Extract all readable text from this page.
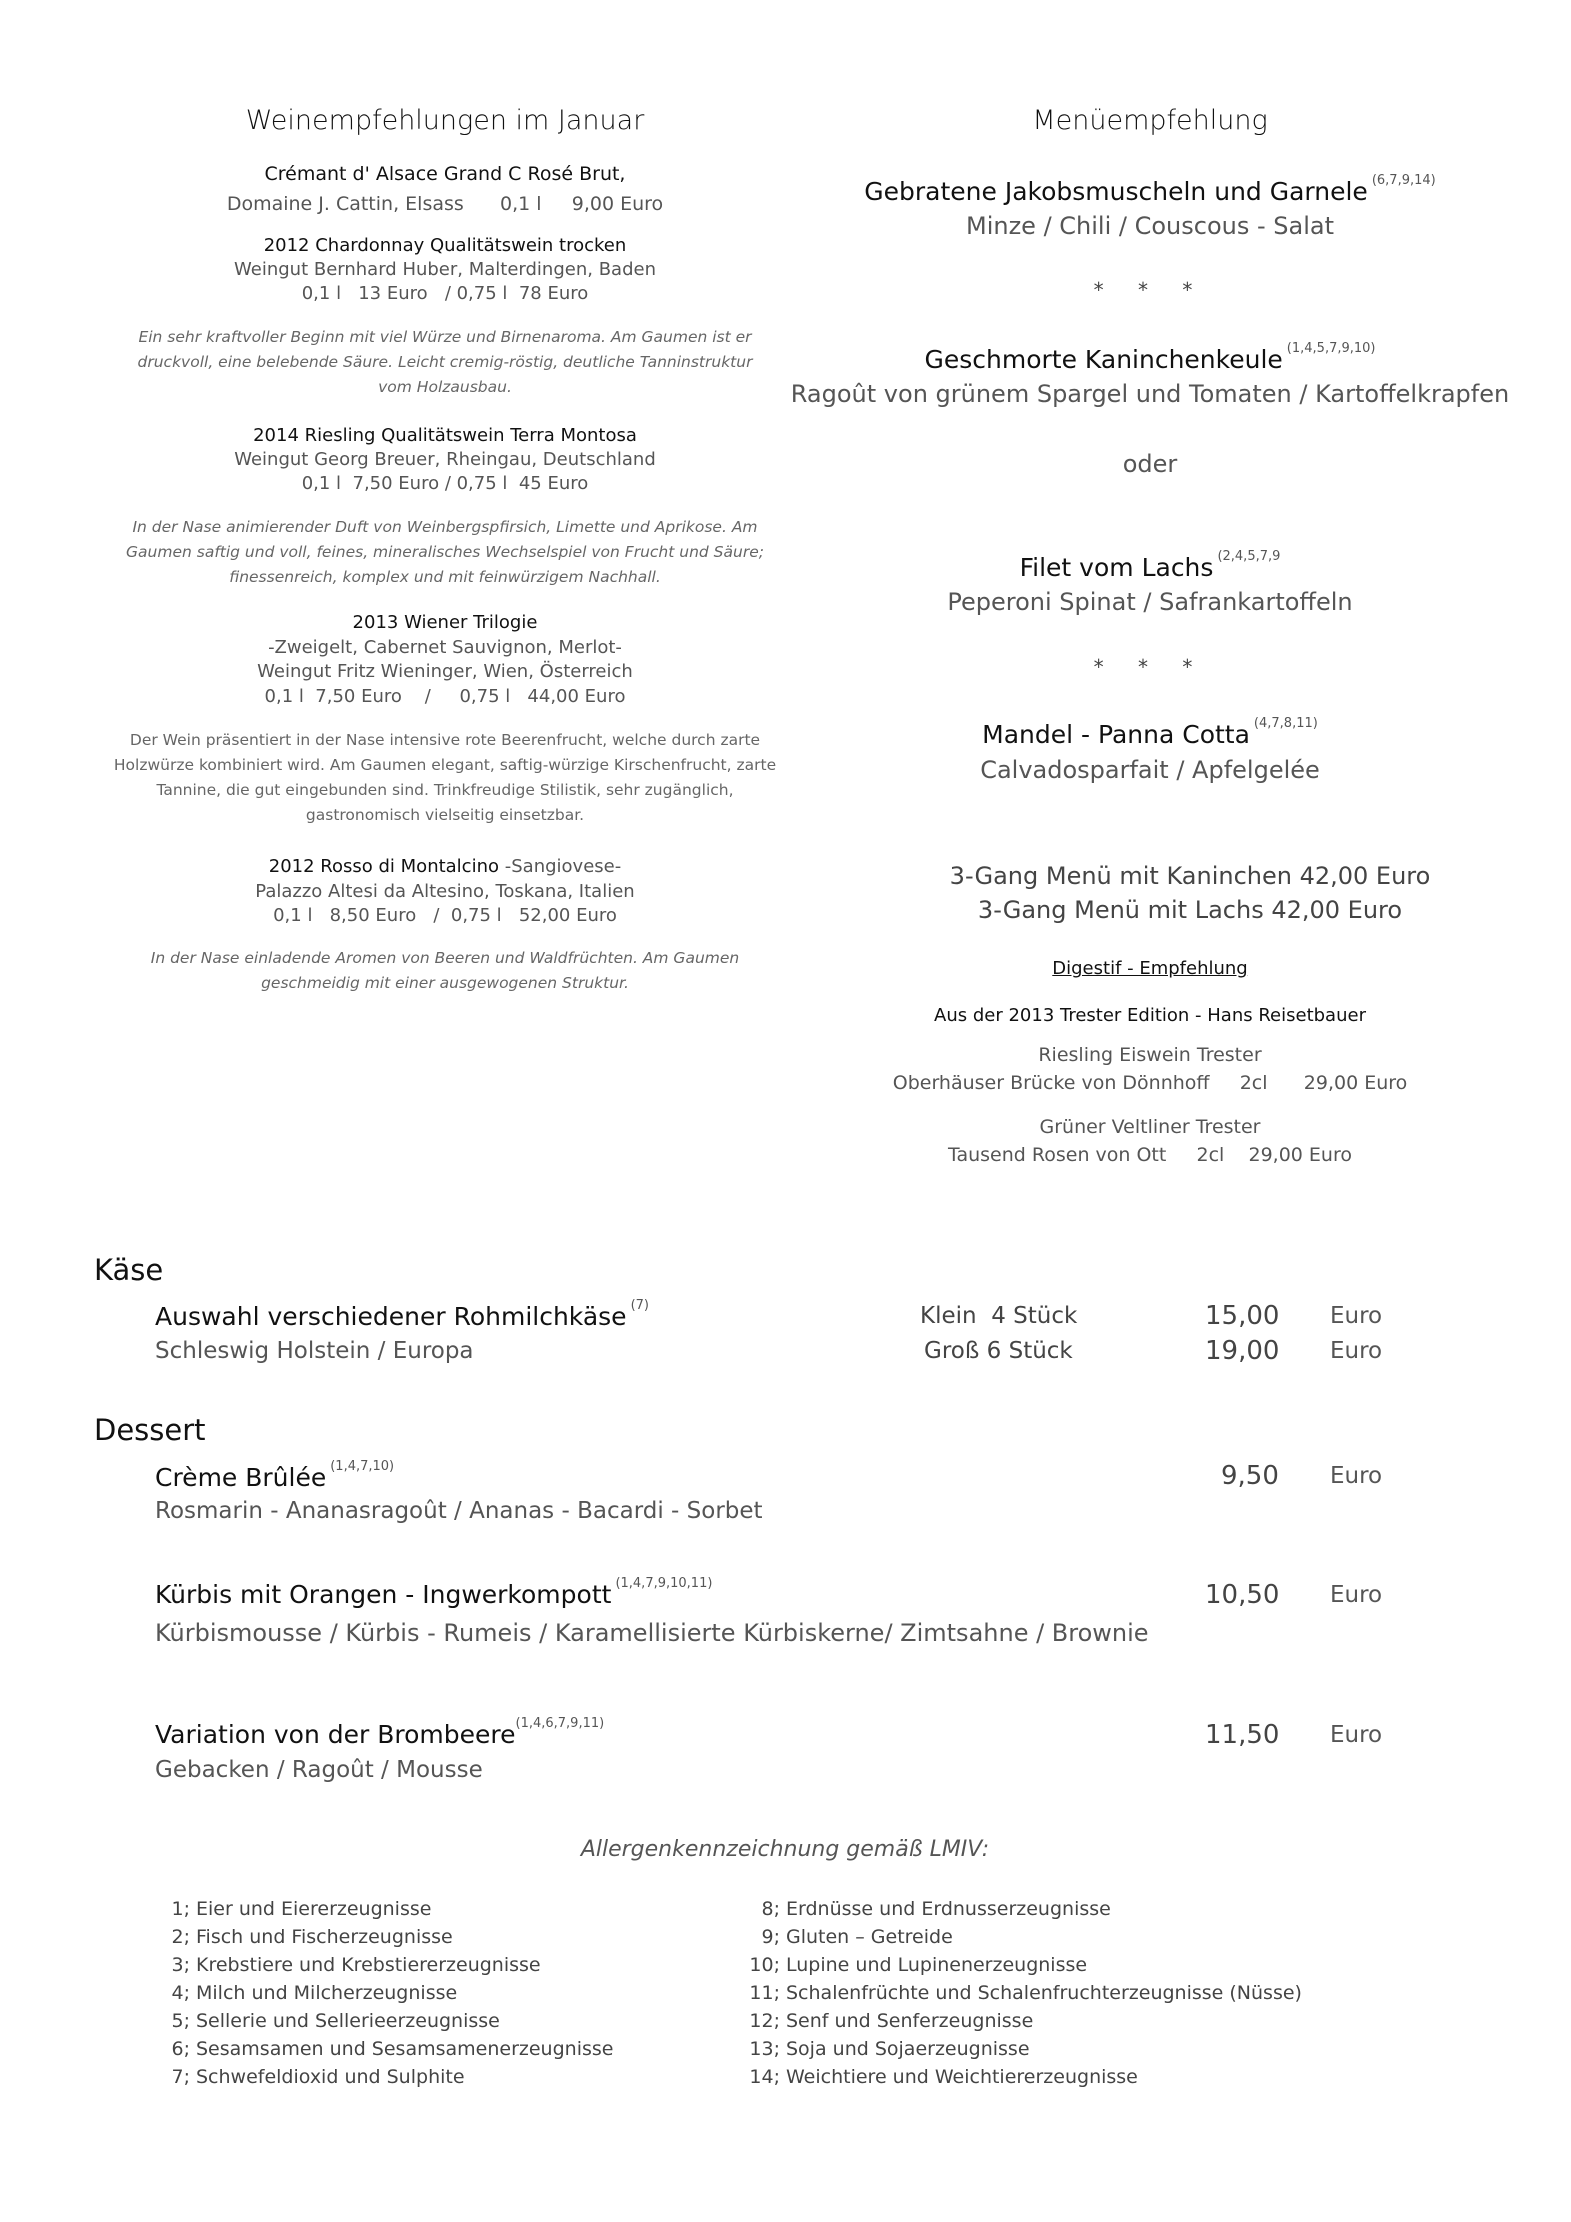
Weinempfehlungen im Januar
Crémant d' Alsace Grand C Rosé Brut,
Domaine J. Cattin, Elsass      0,1 l     9,00 Euro
2012 Chardonnay Qualitätswein trocken
Weingut Bernhard Huber, Malterdingen, Baden
0,1 l   13 Euro   / 0,75 l  78 Euro
Ein sehr kraftvoller Beginn mit viel Würze und Birnenaroma. Am Gaumen ist er
druckvoll, eine belebende Säure. Leicht cremig-röstig, deutliche Tanninstruktur
vom Holzausbau.
2014 Riesling Qualitätswein Terra Montosa
Weingut Georg Breuer, Rheingau, Deutschland
0,1 l  7,50 Euro / 0,75 l  45 Euro
In der Nase animierender Duft von Weinbergspfirsich, Limette und Aprikose. Am
Gaumen saftig und voll, feines, mineralisches Wechselspiel von Frucht und Säure;
finessenreich, komplex und mit feinwürzigem Nachhall.
2013 Wiener Trilogie
-Zweigelt, Cabernet Sauvignon, Merlot-
Weingut Fritz Wieninger, Wien, Österreich
0,1 l  7,50 Euro    /     0,75 l   44,00 Euro
Der Wein präsentiert in der Nase intensive rote Beerenfrucht, welche durch zarte
Holzwürze kombiniert wird. Am Gaumen elegant, saftig-würzige Kirschenfrucht, zarte
Tannine, die gut eingebunden sind. Trinkfreudige Stilistik, sehr zugänglich,
gastronomisch vielseitig einsetzbar.
2012 Rosso di Montalcino -Sangiovese-
Palazzo Altesi da Altesino, Toskana, Italien
0,1 l   8,50 Euro   /  0,75 l   52,00 Euro
In der Nase einladende Aromen von Beeren und Waldfrüchten. Am Gaumen
geschmeidig mit einer ausgewogenen Struktur.
Menüempfehlung
Gebratene Jakobsmuscheln und Garnele $^{(6,7,9,14)}$
Minze / Chili / Couscous - Salat
* * *
Geschmorte Kaninchenkeule $^{(1,4,5,7,9,10)}$
Ragoût von grünem Spargel und Tomaten / Kartoffelkrapfen
oder
Filet vom Lachs $^{(2,4,5,7,9}$
Peperoni Spinat / Safrankartoffeln
* * *
Mandel - Panna Cotta $^{(4,7,8,11)}$
Calvadosparfait / Apfelgelée
3-Gang Menü mit Kaninchen 42,00 Euro
3-Gang Menü mit Lachs 42,00 Euro
Digestif - Empfehlung
Aus der 2013 Trester Edition - Hans Reisetbauer
Riesling Eiswein Trester
Oberhäuser Brücke von Dönnhoff     2cl      29,00 Euro
Grüner Veltliner Trester
Tausend Rosen von Ott     2cl    29,00 Euro
Käse
Auswahl verschiedener Rohmilchkäse $^{(7)}$
Schleswig Holstein / Europa
Klein  4 Stück
Groß 6 Stück
15,00
19,00
Euro
Euro
Dessert
Crème Brûlée $^{(1,4,7,10)}$
Rosmarin - Ananasragoût / Ananas - Bacardi - Sorbet
9,50 Euro
Kürbis mit Orangen - Ingwerkompott $^{(1,4,7,9,10,11)}$
Kürbismousse / Kürbis - Rumeis / Karamellisierte Kürbiskerne/ Zimtsahne / Brownie
10,50 Euro
Variation von der Brombeere$^{(1,4,6,7,9,11)}$
Gebacken / Ragoût / Mousse
11,50 Euro
Allergenkennzeichnung gemäß LMIV:
1; Eier und Eiererzeugnisse
2; Fisch und Fischerzeugnisse
3; Krebstiere und Krebstiererzeugnisse
4; Milch und Milcherzeugnisse
5; Sellerie und Sellerieerzeugnisse
6; Sesamsamen und Sesamsamenerzeugnisse
7; Schwefeldioxid und Sulphite
8; Erdnüsse und Erdnusserzeugnisse
9; Gluten – Getreide
10; Lupine und Lupinenerzeugnisse
11; Schalenfrüchte und Schalenfruchterzeugnisse (Nüsse)
12; Senf und Senferzeugnisse
13; Soja und Sojaerzeugnisse
14; Weichtiere und Weichtiererzeugnisse
